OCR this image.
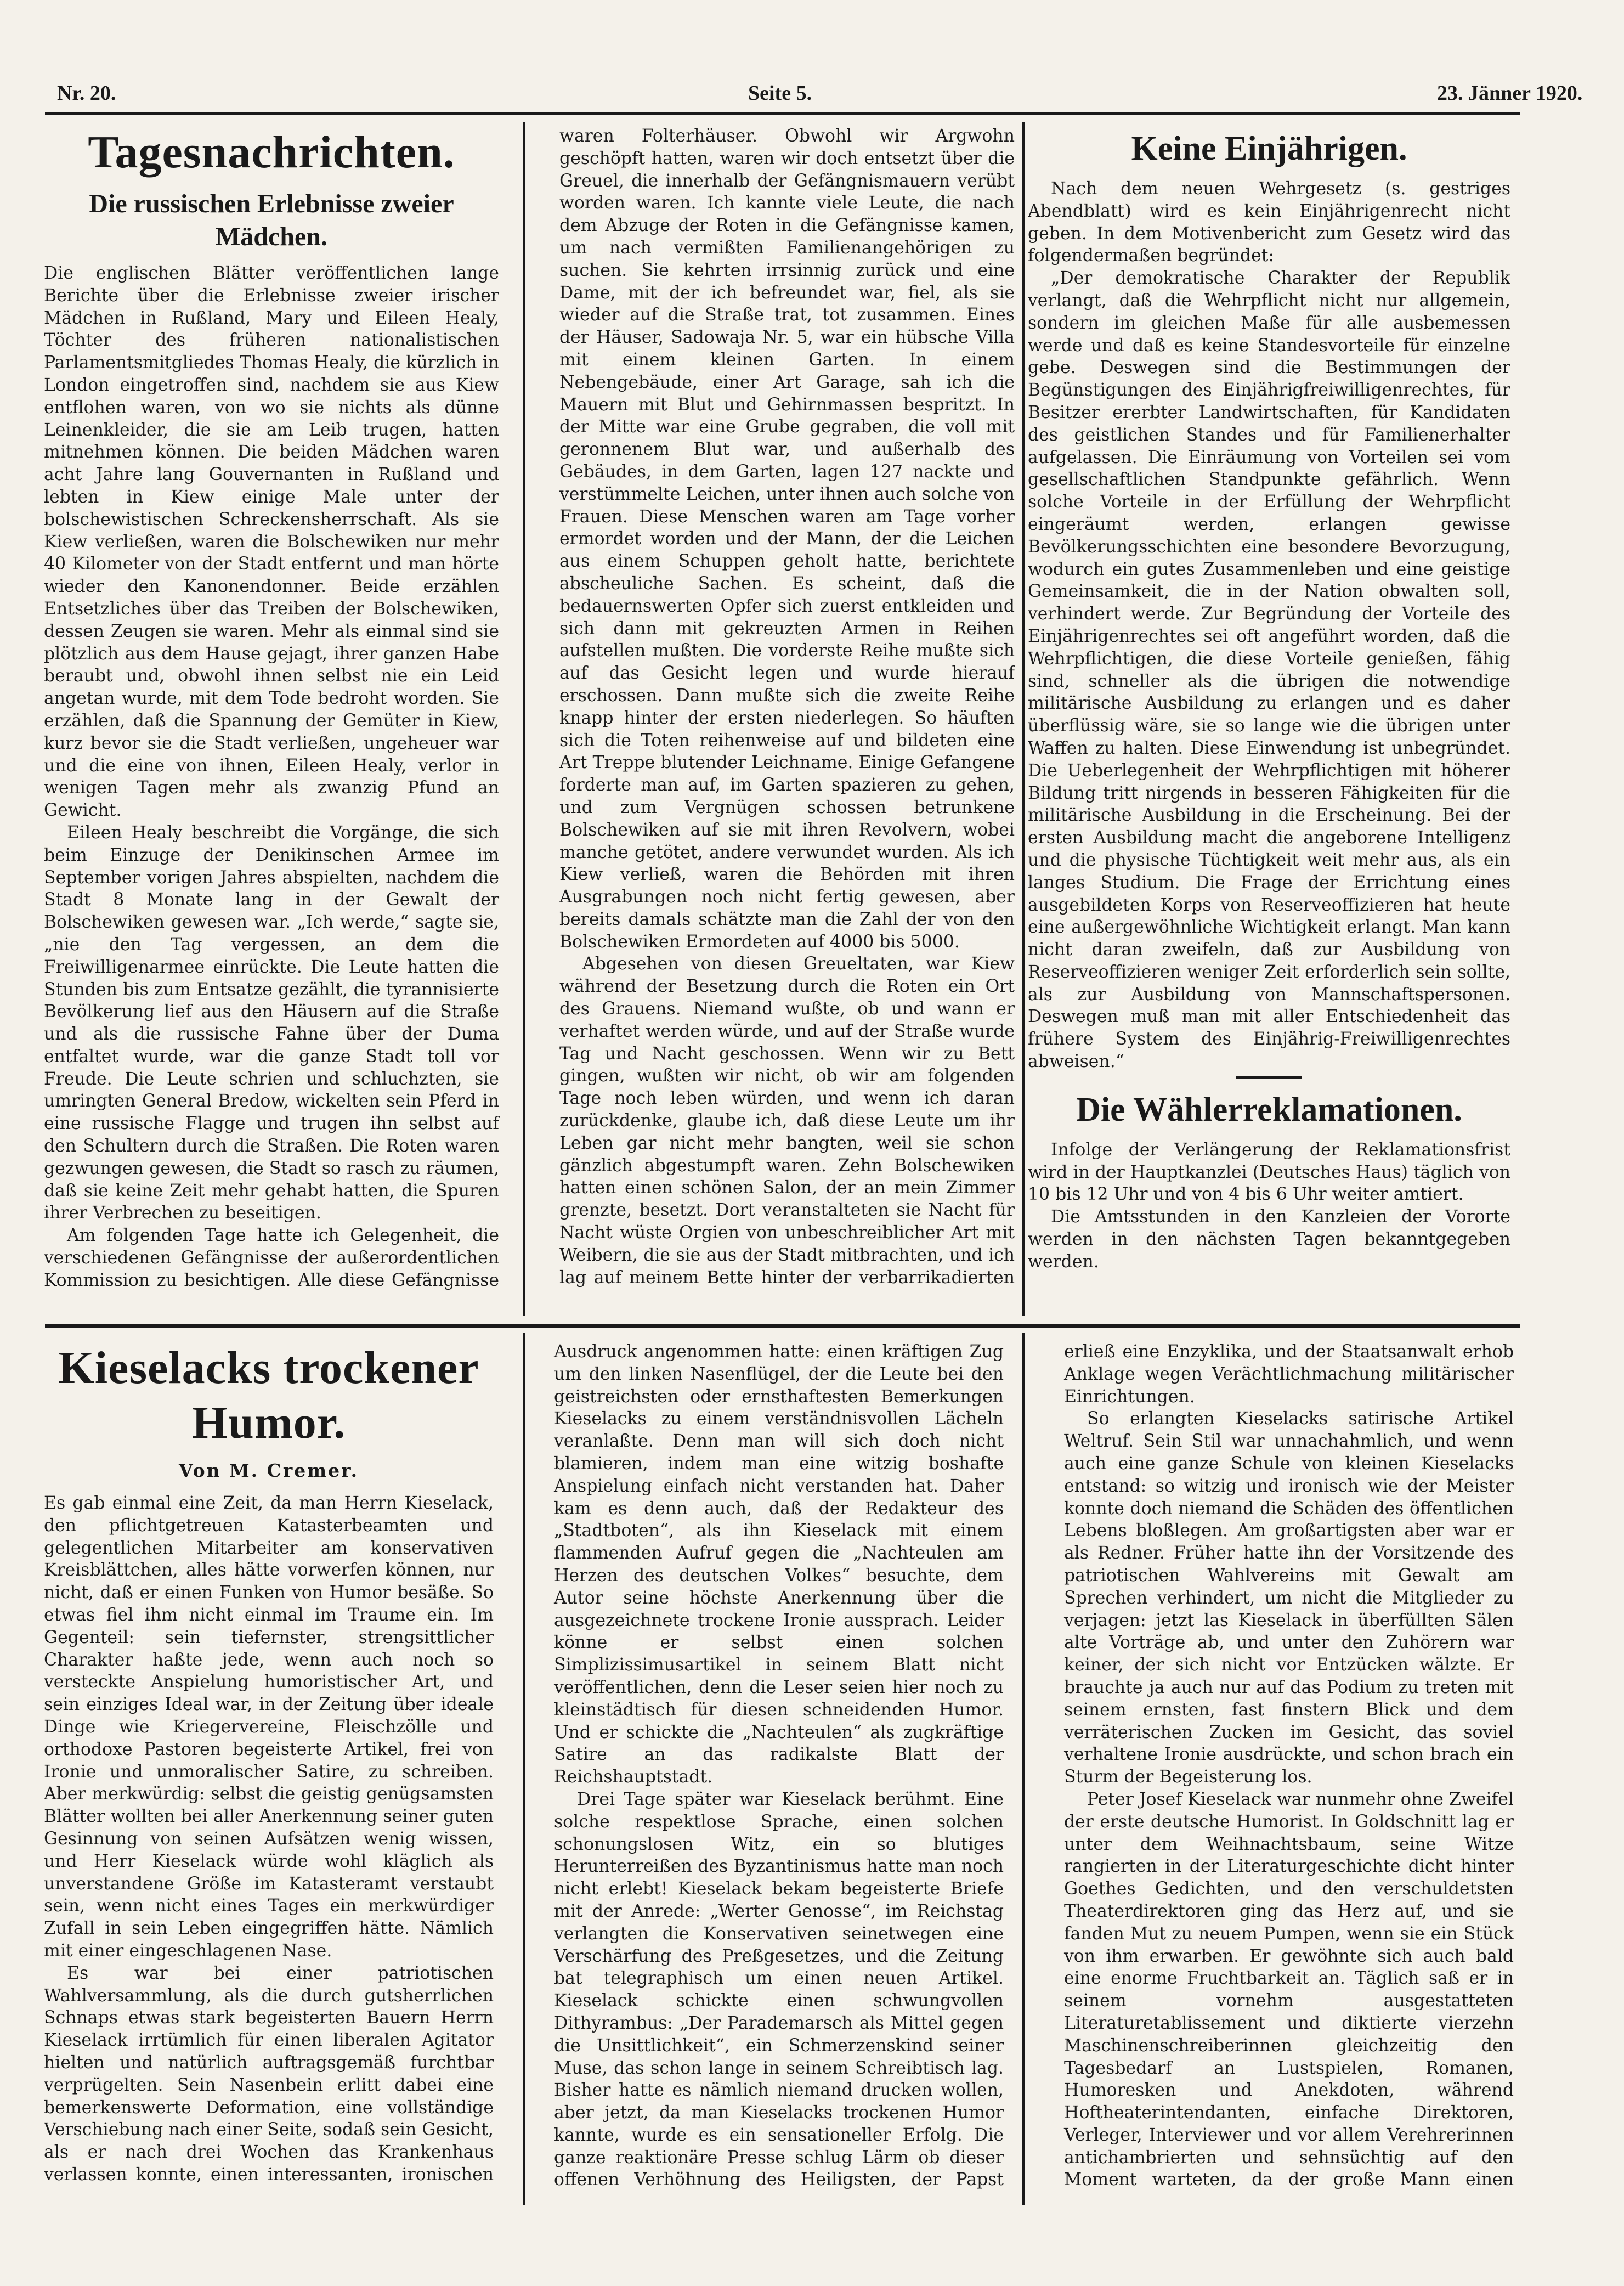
Nr. 20.	Seite 5.	23. Jänner 1920.
Tagesnachrichten.
Die russischen Erlebnisse zweier Mädchen.

Die englischen Blätter veröffentlichen lange Berichte über die Erlebnisse zweier irischer Mädchen in Rußland, Mary und Eileen Healy, Töchter des früheren nationalistischen Parlamentsmitgliedes Thomas Healy, die kürzlich in London eingetroffen sind, nachdem sie aus Kiew entflohen waren, von wo sie nichts als dünne Leinenkleider, die sie am Leib trugen, hatten mitnehmen können. Die beiden Mädchen waren acht Jahre lang Gouvernanten in Rußland und lebten in Kiew einige Male unter der bolschewistischen Schreckensherrschaft. Als sie Kiew verließen, waren die Bolschewiken nur mehr 40 Kilometer von der Stadt entfernt und man hörte wieder den Kanonendonner. Beide erzählen Entsetzliches über das Treiben der Bolschewiken, dessen Zeugen sie waren. Mehr als einmal sind sie plötzlich aus dem Hause gejagt, ihrer ganzen Habe beraubt und, obwohl ihnen selbst nie ein Leid angetan wurde, mit dem Tode bedroht worden. Sie erzählen, daß die Spannung der Gemüter in Kiew, kurz bevor sie die Stadt verließen, ungeheuer war und die eine von ihnen, Eileen Healy, verlor in wenigen Tagen mehr als zwanzig Pfund an Gewicht.

Eileen Healy beschreibt die Vorgänge, die sich beim Einzuge der Denikinschen Armee im September vorigen Jahres abspielten, nachdem die Stadt 8 Monate lang in der Gewalt der Bolschewiken gewesen war. „Ich werde,“ sagte sie, „nie den Tag vergessen, an dem die Freiwilligenarmee einrückte. Die Leute hatten die Stunden bis zum Entsatze gezählt, die tyrannisierte Bevölkerung lief aus den Häusern auf die Straße und als die russische Fahne über der Duma entfaltet wurde, war die ganze Stadt toll vor Freude. Die Leute schrien und schluchzten, sie umringten General Bredow, wickelten sein Pferd in eine russische Flagge und trugen ihn selbst auf den Schultern durch die Straßen. Die Roten waren gezwungen gewesen, die Stadt so rasch zu räumen, daß sie keine Zeit mehr gehabt hatten, die Spuren ihrer Verbrechen zu beseitigen.

Am folgenden Tage hatte ich Gelegenheit, die verschiedenen Gefängnisse der außerordentlichen Kommission zu besichtigen. Alle diese Gefängnisse waren Folterhäuser. Obwohl wir Argwohn geschöpft hatten, waren wir doch entsetzt über die Greuel, die innerhalb der Gefängnismauern verübt worden waren. Ich kannte viele Leute, die nach dem Abzuge der Roten in die Gefängnisse kamen, um nach vermißten Familienangehörigen zu suchen. Sie kehrten irrsinnig zurück und eine Dame, mit der ich befreundet war, fiel, als sie wieder auf die Straße trat, tot zusammen. Eines der Häuser, Sadowaja Nr. 5, war ein hübsche Villa mit einem kleinen Garten. In einem Nebengebäude, einer Art Garage, sah ich die Mauern mit Blut und Gehirnmassen bespritzt. In der Mitte war eine Grube gegraben, die voll mit geronnenem Blut war, und außerhalb des Gebäudes, in dem Garten, lagen 127 nackte und verstümmelte Leichen, unter ihnen auch solche von Frauen. Diese Menschen waren am Tage vorher ermordet worden und der Mann, der die Leichen aus einem Schuppen geholt hatte, berichtete abscheuliche Sachen. Es scheint, daß die bedauernswerten Opfer sich zuerst entkleiden und sich dann mit gekreuzten Armen in Reihen aufstellen mußten. Die vorderste Reihe mußte sich auf das Gesicht legen und wurde hierauf erschossen. Dann mußte sich die zweite Reihe knapp hinter der ersten niederlegen. So häuften sich die Toten reihenweise auf und bildeten eine Art Treppe blutender Leichname. Einige Gefangene forderte man auf, im Garten spazieren zu gehen, und zum Vergnügen schossen betrunkene Bolschewiken auf sie mit ihren Revolvern, wobei manche getötet, andere verwundet wurden. Als ich Kiew verließ, waren die Behörden mit ihren Ausgrabungen noch nicht fertig gewesen, aber bereits damals schätzte man die Zahl der von den Bolschewiken Ermordeten auf 4000 bis 5000.

Abgesehen von diesen Greueltaten, war Kiew während der Besetzung durch die Roten ein Ort des Grauens. Niemand wußte, ob und wann er verhaftet werden würde, und auf der Straße wurde Tag und Nacht geschossen. Wenn wir zu Bett gingen, wußten wir nicht, ob wir am folgenden Tage noch leben würden, und wenn ich daran zurückdenke, glaube ich, daß diese Leute um ihr Leben gar nicht mehr bangten, weil sie schon gänzlich abgestumpft waren. Zehn Bolschewiken hatten einen schönen Salon, der an mein Zimmer grenzte, besetzt. Dort veranstalteten sie Nacht für Nacht wüste Orgien von unbeschreiblicher Art mit Weibern, die sie aus der Stadt mitbrachten, und ich lag auf meinem Bette hinter der verbarrikadierten

Keine Einjährigen.

Nach dem neuen Wehrgesetz (s. gestriges Abendblatt) wird es kein Einjährigenrecht nicht geben. In dem Motivenbericht zum Gesetz wird das folgendermaßen begründet:

„Der demokratische Charakter der Republik verlangt, daß die Wehrpflicht nicht nur allgemein, sondern im gleichen Maße für alle ausbemessen werde und daß es keine Standesvorteile für einzelne gebe. Deswegen sind die Bestimmungen der Begünstigungen des Einjährigfreiwilligenrechtes, für Besitzer ererbter Landwirtschaften, für Kandidaten des geistlichen Standes und für Familienerhalter aufgelassen. Die Einräumung von Vorteilen sei vom gesellschaftlichen Standpunkte gefährlich. Wenn solche Vorteile in der Erfüllung der Wehrpflicht eingeräumt werden, erlangen gewisse Bevölkerungsschichten eine besondere Bevorzugung, wodurch ein gutes Zusammenleben und eine geistige Gemeinsamkeit, die in der Nation obwalten soll, verhindert werde. Zur Begründung der Vorteile des Einjährigenrechtes sei oft angeführt worden, daß die Wehrpflichtigen, die diese Vorteile genießen, fähig sind, schneller als die übrigen die notwendige militärische Ausbildung zu erlangen und es daher überflüssig wäre, sie so lange wie die übrigen unter Waffen zu halten. Diese Einwendung ist unbegründet. Die Ueberlegenheit der Wehrpflichtigen mit höherer Bildung tritt nirgends in besseren Fähigkeiten für die militärische Ausbildung in die Erscheinung. Bei der ersten Ausbildung macht die angeborene Intelligenz und die physische Tüchtigkeit weit mehr aus, als ein langes Studium. Die Frage der Errichtung eines ausgebildeten Korps von Reserveoffizieren hat heute eine außergewöhnliche Wichtigkeit erlangt. Man kann nicht daran zweifeln, daß zur Ausbildung von Reserveoffizieren weniger Zeit erforderlich sein sollte, als zur Ausbildung von Mannschaftspersonen. Deswegen muß man mit aller Entschiedenheit das frühere System des Einjährig-Freiwilligenrechtes abweisen.“

Die Wählerreklamationen.

Infolge der Verlängerung der Reklamationsfrist wird in der Hauptkanzlei (Deutsches Haus) täglich von 10 bis 12 Uhr und von 4 bis 6 Uhr weiter amtiert.

Die Amtsstunden in den Kanzleien der Vororte werden in den nächsten Tagen bekanntgegeben werden.

Kieselacks trockener Humor.
Von M. Cremer.

Es gab einmal eine Zeit, da man Herrn Kieselack, den pflichtgetreuen Katasterbeamten und gelegentlichen Mitarbeiter am konservativen Kreisblättchen, alles hätte vorwerfen können, nur nicht, daß er einen Funken von Humor besäße. So etwas fiel ihm nicht einmal im Traume ein. Im Gegenteil: sein tiefernster, strengsittlicher Charakter haßte jede, wenn auch noch so versteckte Anspielung humoristischer Art, und sein einziges Ideal war, in der Zeitung über ideale Dinge wie Kriegervereine, Fleischzölle und orthodoxe Pastoren begeisterte Artikel, frei von Ironie und unmoralischer Satire, zu schreiben. Aber merkwürdig: selbst die geistig genügsamsten Blätter wollten bei aller Anerkennung seiner guten Gesinnung von seinen Aufsätzen wenig wissen, und Herr Kieselack würde wohl kläglich als unverstandene Größe im Katasteramt verstaubt sein, wenn nicht eines Tages ein merkwürdiger Zufall in sein Leben eingegriffen hätte. Nämlich mit einer eingeschlagenen Nase.

Es war bei einer patriotischen Wahlversammlung, als die durch gutsherrlichen Schnaps etwas stark begeisterten Bauern Herrn Kieselack irrtümlich für einen liberalen Agitator hielten und natürlich auftragsgemäß furchtbar verprügelten. Sein Nasenbein erlitt dabei eine bemerkenswerte Deformation, eine vollständige Verschiebung nach einer Seite, sodaß sein Gesicht, als er nach drei Wochen das Krankenhaus verlassen konnte, einen interessanten, ironischen Ausdruck angenommen hatte: einen kräftigen Zug um den linken Nasenflügel, der die Leute bei den geistreichsten oder ernsthaftesten Bemerkungen Kieselacks zu einem verständnisvollen Lächeln veranlaßte. Denn man will sich doch nicht blamieren, indem man eine witzig boshafte Anspielung einfach nicht verstanden hat. Daher kam es denn auch, daß der Redakteur des „Stadtboten“, als ihn Kieselack mit einem flammenden Aufruf gegen die „Nachteulen am Herzen des deutschen Volkes“ besuchte, dem Autor seine höchste Anerkennung über die ausgezeichnete trockene Ironie aussprach. Leider könne er selbst einen solchen Simplizissimusartikel in seinem Blatt nicht veröffentlichen, denn die Leser seien hier noch zu kleinstädtisch für diesen schneidenden Humor. Und er schickte die „Nachteulen“ als zugkräftige Satire an das radikalste Blatt der Reichshauptstadt.

Drei Tage später war Kieselack berühmt. Eine solche respektlose Sprache, einen solchen schonungslosen Witz, ein so blutiges Herunterreißen des Byzantinismus hatte man noch nicht erlebt! Kieselack bekam begeisterte Briefe mit der Anrede: „Werter Genosse“, im Reichstag verlangten die Konservativen seinetwegen eine Verschärfung des Preßgesetzes, und die Zeitung bat telegraphisch um einen neuen Artikel. Kieselack schickte einen schwungvollen Dithyrambus: „Der Parademarsch als Mittel gegen die Unsittlichkeit“, ein Schmerzenskind seiner Muse, das schon lange in seinem Schreibtisch lag. Bisher hatte es nämlich niemand drucken wollen, aber jetzt, da man Kieselacks trockenen Humor kannte, wurde es ein sensationeller Erfolg. Die ganze reaktionäre Presse schlug Lärm ob dieser offenen Verhöhnung des Heiligsten, der Papst erließ eine Enzyklika, und der Staatsanwalt erhob Anklage wegen Verächtlichmachung militärischer Einrichtungen.

So erlangten Kieselacks satirische Artikel Weltruf. Sein Stil war unnachahmlich, und wenn auch eine ganze Schule von kleinen Kieselacks entstand: so witzig und ironisch wie der Meister konnte doch niemand die Schäden des öffentlichen Lebens bloßlegen. Am großartigsten aber war er als Redner. Früher hatte ihn der Vorsitzende des patriotischen Wahlvereins mit Gewalt am Sprechen verhindert, um nicht die Mitglieder zu verjagen: jetzt las Kieselack in überfüllten Sälen alte Vorträge ab, und unter den Zuhörern war keiner, der sich nicht vor Entzücken wälzte. Er brauchte ja auch nur auf das Podium zu treten mit seinem ernsten, fast finstern Blick und dem verräterischen Zucken im Gesicht, das soviel verhaltene Ironie ausdrückte, und schon brach ein Sturm der Begeisterung los.

Peter Josef Kieselack war nunmehr ohne Zweifel der erste deutsche Humorist. In Goldschnitt lag er unter dem Weihnachtsbaum, seine Witze rangierten in der Literaturgeschichte dicht hinter Goethes Gedichten, und den verschuldetsten Theaterdirektoren ging das Herz auf, und sie fanden Mut zu neuem Pumpen, wenn sie ein Stück von ihm erwarben. Er gewöhnte sich auch bald eine enorme Fruchtbarkeit an. Täglich saß er in seinem vornehm ausgestatteten Literaturetablissement und diktierte vierzehn Maschinenschreiberinnen gleichzeitig den Tagesbedarf an Lustspielen, Romanen, Humoresken und Anekdoten, während Hoftheaterintendanten, einfache Direktoren, Verleger, Interviewer und vor allem Verehrerinnen antichambrierten und sehnsüchtig auf den Moment warteten, da der große Mann einen
